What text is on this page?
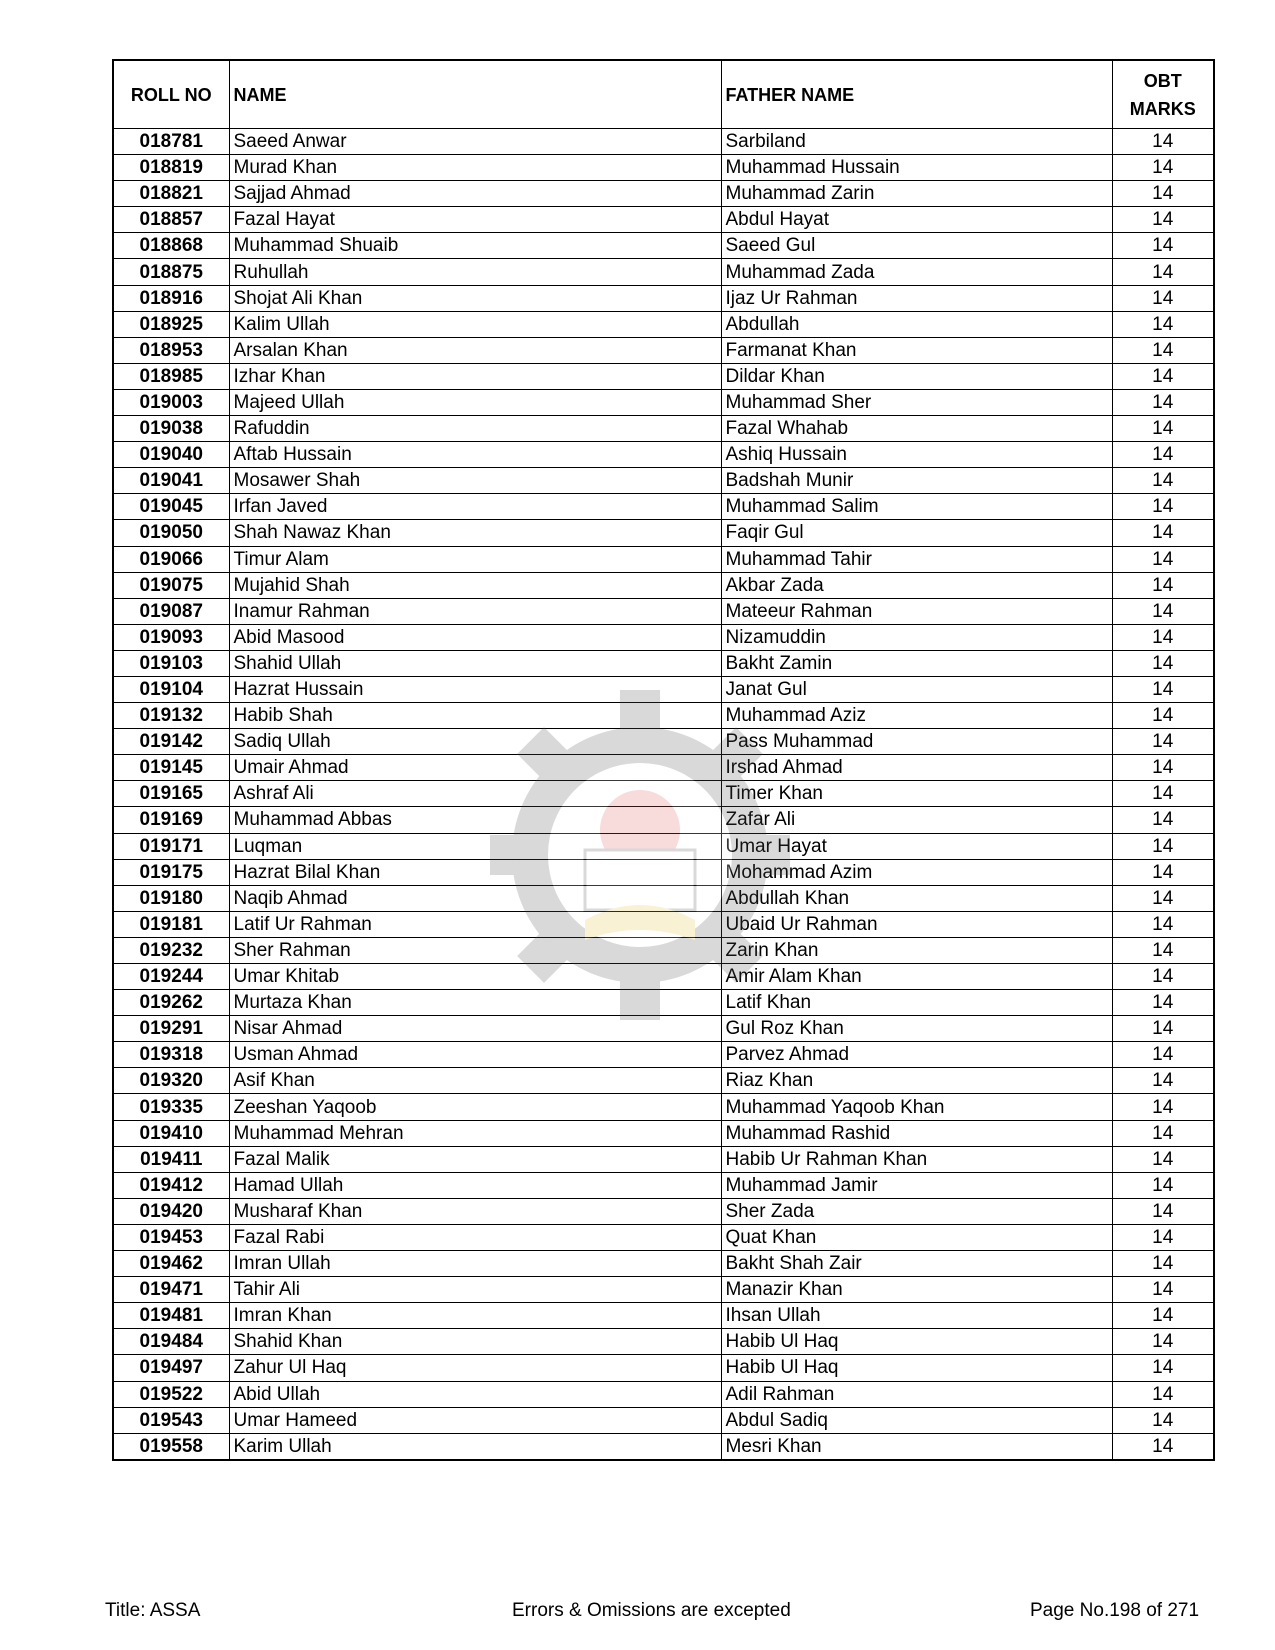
ROLL NO	NAME	FATHER NAME	OBT
MARKS
018781	Saeed Anwar	Sarbiland	14
018819	Murad Khan	Muhammad Hussain	14
018821	Sajjad Ahmad	Muhammad Zarin	14
018857	Fazal Hayat	Abdul Hayat	14
018868	Muhammad Shuaib	Saeed Gul	14
018875	Ruhullah	Muhammad Zada	14
018916	Shojat Ali Khan	Ijaz Ur Rahman	14
018925	Kalim Ullah	Abdullah	14
018953	Arsalan Khan	Farmanat Khan	14
018985	Izhar Khan	Dildar Khan	14
019003	Majeed Ullah	Muhammad Sher	14
019038	Rafuddin	Fazal Whahab	14
019040	Aftab Hussain	Ashiq Hussain	14
019041	Mosawer Shah	Badshah Munir	14
019045	Irfan Javed	Muhammad Salim	14
019050	Shah Nawaz Khan	Faqir Gul	14
019066	Timur Alam	Muhammad Tahir	14
019075	Mujahid Shah	Akbar Zada	14
019087	Inamur Rahman	Mateeur Rahman	14
019093	Abid Masood	Nizamuddin	14
019103	Shahid Ullah	Bakht Zamin	14
019104	Hazrat Hussain	Janat Gul	14
019132	Habib Shah	Muhammad Aziz	14
019142	Sadiq Ullah	Pass Muhammad	14
019145	Umair Ahmad	Irshad Ahmad	14
019165	Ashraf Ali	Timer Khan	14
019169	Muhammad Abbas	Zafar Ali	14
019171	Luqman	Umar Hayat	14
019175	Hazrat Bilal Khan	Mohammad Azim	14
019180	Naqib Ahmad	Abdullah Khan	14
019181	Latif Ur Rahman	Ubaid Ur Rahman	14
019232	Sher Rahman	Zarin Khan	14
019244	Umar Khitab	Amir Alam Khan	14
019262	Murtaza Khan	Latif Khan	14
019291	Nisar Ahmad	Gul Roz Khan	14
019318	Usman Ahmad	Parvez Ahmad	14
019320	Asif Khan	Riaz Khan	14
019335	Zeeshan Yaqoob	Muhammad Yaqoob Khan	14
019410	Muhammad Mehran	Muhammad Rashid	14
019411	Fazal Malik	Habib Ur Rahman Khan	14
019412	Hamad Ullah	Muhammad Jamir	14
019420	Musharaf Khan	Sher Zada	14
019453	Fazal Rabi	Quat Khan	14
019462	Imran Ullah	Bakht Shah Zair	14
019471	Tahir Ali	Manazir Khan	14
019481	Imran Khan	Ihsan Ullah	14
019484	Shahid Khan	Habib Ul Haq	14
019497	Zahur Ul Haq	Habib Ul Haq	14
019522	Abid Ullah	Adil Rahman	14
019543	Umar Hameed	Abdul Sadiq	14
019558	Karim Ullah	Mesri Khan	14
Title: ASSA	Errors & Omissions are excepted	Page No.198 of 271
